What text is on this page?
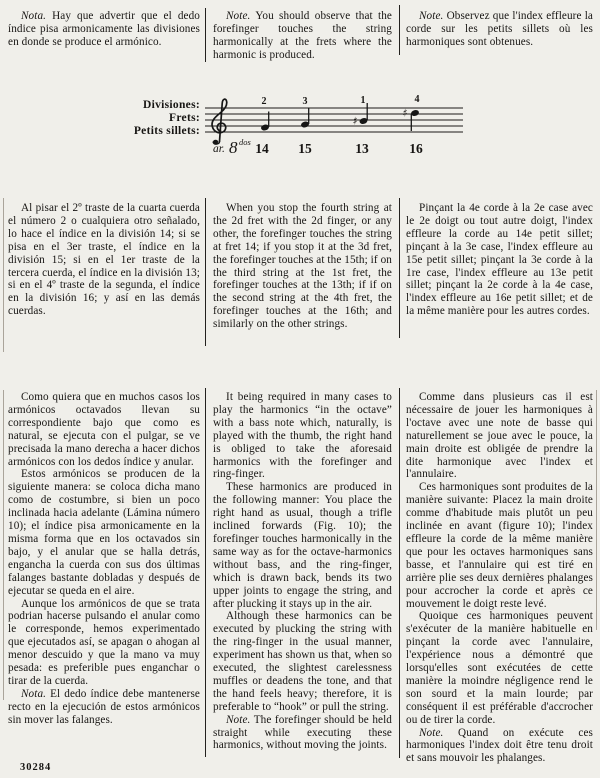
Nota. Hay que advertir que el dedo índice pisa armonicamente las divisiones en donde se produce el armónico.

Note. You should observe that the forefinger touches the string harmonically at the frets where the harmonic is produced.

Note. Observez que l'index effleure la corde sur les petits sillets où les harmoniques sont obtenues.

Divisiones:
Frets:
Petits sillets:
2
14
3
15
1
♯
13
4
♯
16
ar. 8 dos

Al pisar el 2º traste de la cuarta cuerda el número 2 o cualquiera otro señalado, lo hace el índice en la división 14; si se pisa en el 3er traste, el índice en la división 15; si en el 1er traste de la tercera cuerda, el índice en la división 13; si en el 4º traste de la segunda, el índice en la división 16; y así en las demás cuerdas.

When you stop the fourth string at the 2d fret with the 2d finger, or any other, the forefinger touches the string at fret 14; if you stop it at the 3d fret, the forefinger touches at the 15th; if on the third string at the 1st fret, the forefinger touches at the 13th; if if on the second string at the 4th fret, the forefinger touches at the 16th; and similarly on the other strings.

Pinçant la 4e corde à la 2e case avec le 2e doigt ou tout autre doigt, l'index effleure la corde au 14e petit sillet; pinçant à la 3e case, l'index effleure au 15e petit sillet; pinçant la 3e corde à la 1re case, l'index effleure au 13e petit sillet; pinçant la 2e corde à la 4e case, l'index effleure au 16e petit sillet; et de la même manière pour les autres cordes.

Como quiera que en muchos casos los armónicos octavados llevan su correspondiente bajo que como es natural, se ejecuta con el pulgar, se ve precisada la mano derecha a hacer dichos armónicos con los dedos índice y anular.

Estos armónicos se producen de la siguiente manera: se coloca dicha mano como de costumbre, si bien un poco inclinada hacia adelante (Lámina número 10); el índice pisa armonicamente en la misma forma que en los octavados sin bajo, y el anular que se halla detrás, engancha la cuerda con sus dos últimas falanges bastante dobladas y después de ejecutar se queda en el aire.

Aunque los armónicos de que se trata podrian hacerse pulsando el anular como le corresponde, hemos experimentado que ejecutados así, se apagan o ahogan al menor descuido y que la mano va muy pesada: es preferible pues enganchar o tirar de la cuerda.

Nota. El dedo índice debe mantenerse recto en la ejecución de estos armónicos sin mover las falanges.

It being required in many cases to play the harmonics “in the octave” with a bass note which, naturally, is played with the thumb, the right hand is obliged to take the aforesaid harmonics with the forefinger and ring-finger.

These harmonics are produced in the following manner: You place the right hand as usual, though a trifle inclined forwards (Fig. 10); the forefinger touches harmonically in the same way as for the octave-harmonics without bass, and the ring-finger, which is drawn back, bends its two upper joints to engage the string, and after plucking it stays up in the air.

Although these harmonics can be executed by plucking the string with the ring-finger in the usual manner, experiment has shown us that, when so executed, the slightest carelessness muffles or deadens the tone, and that the hand feels heavy; therefore, it is preferable to “hook” or pull the string.

Note. The forefinger should be held straight while executing these harmonics, without moving the joints.

Comme dans plusieurs cas il est nécessaire de jouer les harmoniques à l'octave avec une note de basse qui naturellement se joue avec le pouce, la main droite est obligée de prendre la dite harmonique avec l'index et l'annulaire.

Ces harmoniques sont produites de la manière suivante: Placez la main droite comme d'habitude mais plutôt un peu inclinée en avant (figure 10); l'index effleure la corde de la même manière que pour les octaves harmoniques sans basse, et l'annulaire qui est tiré en arrière plie ses deux dernières phalanges pour accrocher la corde et après ce mouvement le doigt reste levé.

Quoique ces harmoniques peuvent s'exécuter de la manière habituelle en pinçant la corde avec l'annulaire, l'expérience nous a démontré que lorsqu'elles sont exécutées de cette manière la moindre négligence rend le son sourd et la main lourde; par conséquent il est préférable d'accrocher ou de tirer la corde.

Note. Quand on exécute ces harmoniques l'index doit être tenu droit et sans mouvoir les phalanges.

30284
